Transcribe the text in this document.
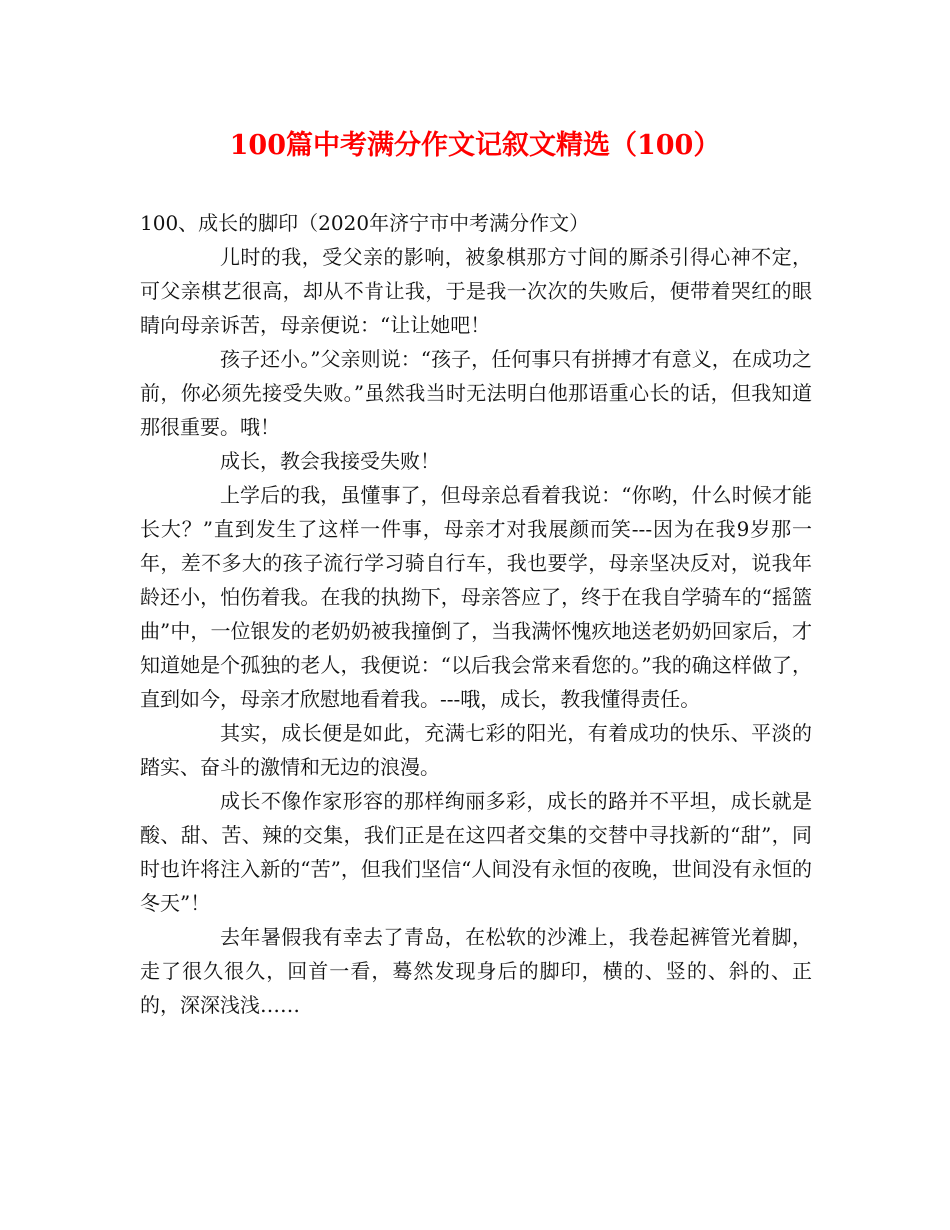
100篇中考满分作文记叙文精选（100）

100、成长的脚印（2020年济宁市中考满分作文）

儿时的我，受父亲的影响，被象棋那方寸间的厮杀引得心神不定，可父亲棋艺很高，却从不肯让我，于是我一次次的失败后，便带着哭红的眼睛向母亲诉苦，母亲便说：“让让她吧！

孩子还小。”父亲则说：“孩子，任何事只有拼搏才有意义，在成功之前，你必须先接受失败。”虽然我当时无法明白他那语重心长的话，但我知道那很重要。哦！

成长，教会我接受失败！

上学后的我，虽懂事了，但母亲总看着我说：“你哟，什么时候才能长大？”直到发生了这样一件事，母亲才对我展颜而笑---因为在我9岁那一年，差不多大的孩子流行学习骑自行车，我也要学，母亲坚决反对，说我年龄还小，怕伤着我。在我的执拗下，母亲答应了，终于在我自学骑车的“摇篮曲”中，一位银发的老奶奶被我撞倒了，当我满怀愧疚地送老奶奶回家后，才知道她是个孤独的老人，我便说：“以后我会常来看您的。”我的确这样做了，直到如今，母亲才欣慰地看着我。---哦，成长，教我懂得责任。

其实，成长便是如此，充满七彩的阳光，有着成功的快乐、平淡的踏实、奋斗的激情和无边的浪漫。

成长不像作家形容的那样绚丽多彩，成长的路并不平坦，成长就是酸、甜、苦、辣的交集，我们正是在这四者交集的交替中寻找新的“甜”，同时也许将注入新的“苦”，但我们坚信“人间没有永恒的夜晚，世间没有永恒的冬天”！

去年暑假我有幸去了青岛，在松软的沙滩上，我卷起裤管光着脚，走了很久很久，回首一看，蓦然发现身后的脚印，横的、竖的、斜的、正的，深深浅浅……
